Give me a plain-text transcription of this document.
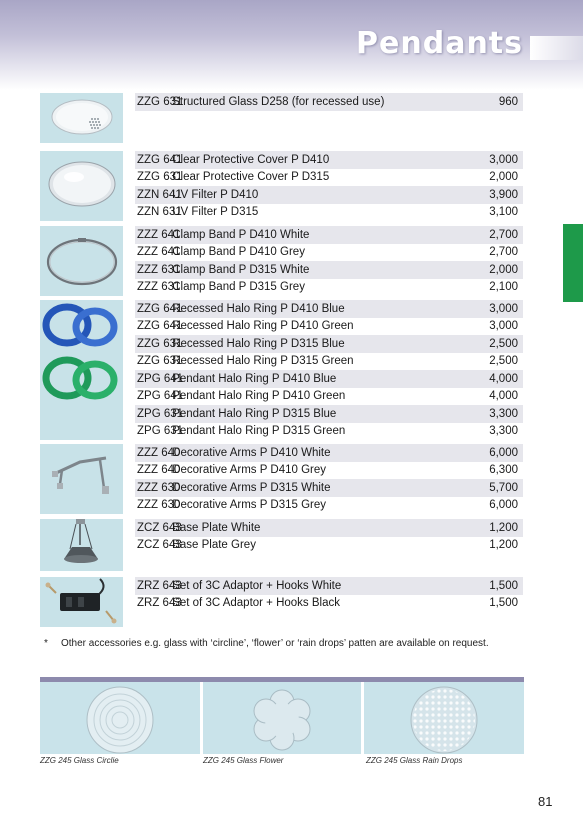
Pendants
ZZG 631 Structured Glass D258 (for recessed use)	960
ZZG 641 Clear Protective Cover P D410	3,000
ZZG 631 Clear Protective Cover P D315	2,000
ZZN 641 UV Filter P D410	3,900
ZZN 631 UV Filter P D315	3,100
ZZZ 641 Clamp Band P D410 White	2,700
ZZZ 641 Clamp Band P D410 Grey	2,700
ZZZ 631 Clamp Band P D315 White	2,000
ZZZ 631 Clamp Band P D315 Grey	2,100
ZZG 641 Recessed Halo Ring P D410 Blue	3,000
ZZG 641 Recessed Halo Ring P D410 Green	3,000
ZZG 631 Recessed Halo Ring P D315 Blue	2,500
ZZG 631 Recessed Halo Ring P D315 Green	2,500
ZPG 641 Pendant Halo Ring P D410 Blue	4,000
ZPG 641 Pendant Halo Ring P D410 Green	4,000
ZPG 631 Pendant Halo Ring P D315 Blue	3,300
ZPG 631 Pendant Halo Ring P D315 Green	3,300
ZZZ 640 Decorative Arms P D410 White	6,000
ZZZ 640 Decorative Arms P D410 Grey	6,300
ZZZ 630 Decorative Arms P D315 White	5,700
ZZZ 630 Decorative Arms P D315 Grey	6,000
ZCZ 643 Base Plate White	1,200
ZCZ 643 Base Plate Grey	1,200
ZRZ 643 Set of 3C Adaptor + Hooks White	1,500
ZRZ 643 Set of 3C Adaptor + Hooks Black	1,500
*	Other accessories e.g. glass with ‘circline’, ‘flower’ or ‘rain drops’ patten are available on request.
ZZG 245 Glass Circlie	ZZG 245 Glass Flower	ZZG 245 Glass Rain Drops
81
